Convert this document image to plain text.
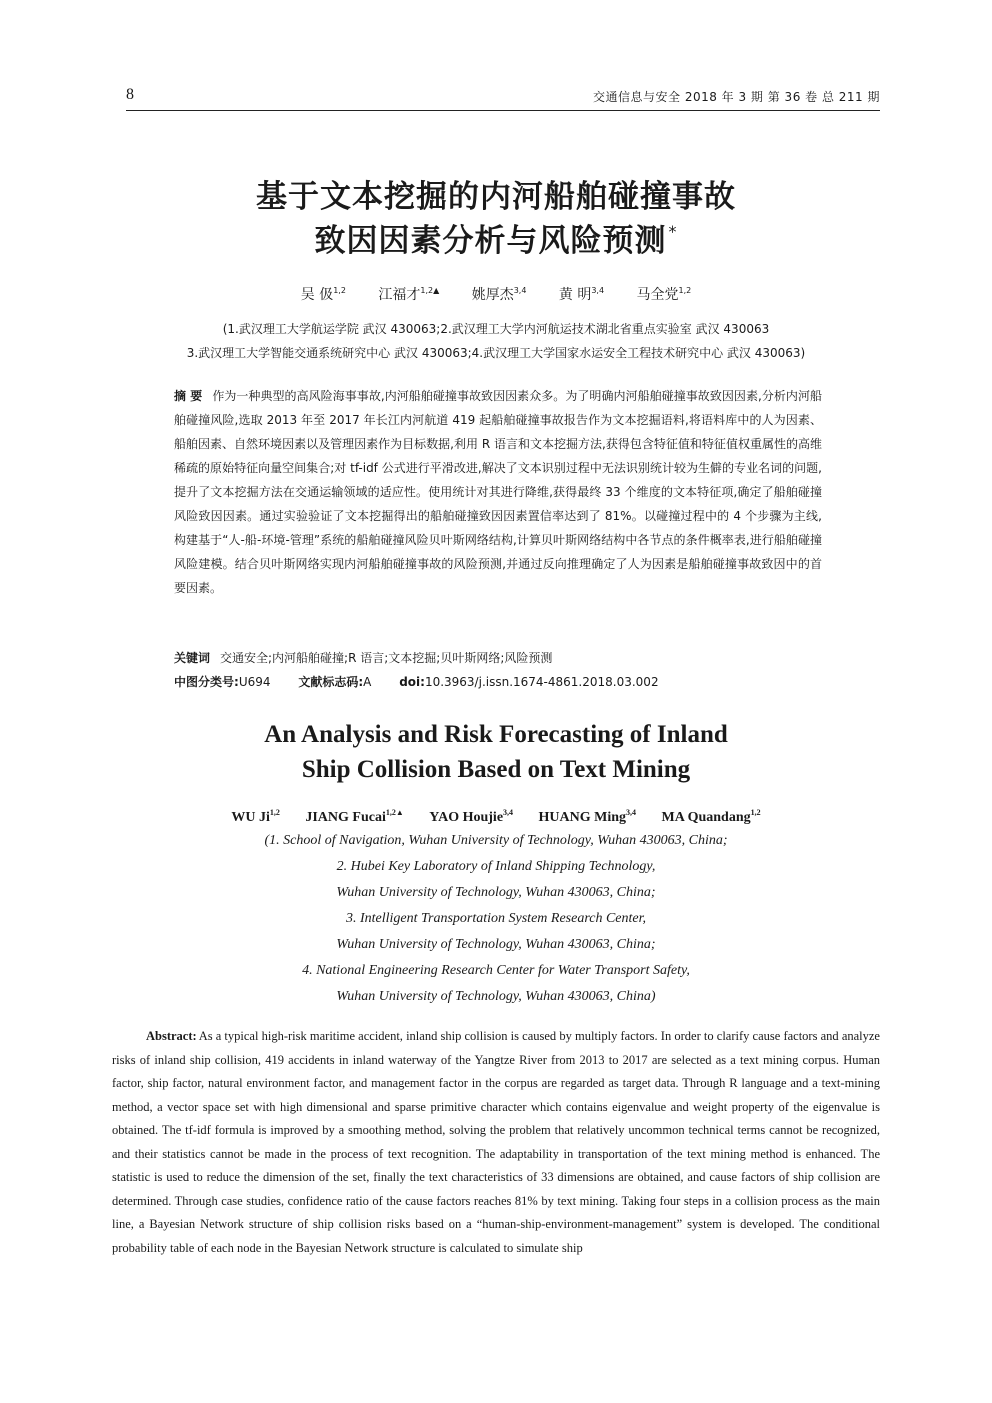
8	交通信息与安全 2018 年 3 期 第 36 卷 总 211 期
基于文本挖掘的内河船舶碰撞事故
致因因素分析与风险预测 *
吴 伋$^{1,2}$ 江福才$^{1,2▲}$ 姚厚杰$^{3,4}$ 黄 明$^{3,4}$ 马全党$^{1,2}$
(1.武汉理工大学航运学院 武汉 430063;2.武汉理工大学内河航运技术湖北省重点实验室 武汉 430063
3.武汉理工大学智能交通系统研究中心 武汉 430063;4.武汉理工大学国家水运安全工程技术研究中心 武汉 430063)
摘 要 作为一种典型的高风险海事事故,内河船舶碰撞事故致因因素众多。为了明确内河船舶碰撞事故致因因素,分析内河船舶碰撞风险,选取 2013 年至 2017 年长江内河航道 419 起船舶碰撞事故报告作为文本挖掘语料,将语料库中的人为因素、船舶因素、自然环境因素以及管理因素作为目标数据,利用 R 语言和文本挖掘方法,获得包含特征值和特征值权重属性的高维稀疏的原始特征向量空间集合;对 tf-idf 公式进行平滑改进,解决了文本识别过程中无法识别统计较为生僻的专业名词的问题,提升了文本挖掘方法在交通运输领域的适应性。使用统计对其进行降维,获得最终 33 个维度的文本特征项,确定了船舶碰撞风险致因因素。通过实验验证了文本挖掘得出的船舶碰撞致因因素置信率达到了 81%。以碰撞过程中的 4 个步骤为主线,构建基于“人-船-环境-管理”系统的船舶碰撞风险贝叶斯网络结构,计算贝叶斯网络结构中各节点的条件概率表,进行船舶碰撞风险建模。结合贝叶斯网络实现内河船舶碰撞事故的风险预测,并通过反向推理确定了人为因素是船舶碰撞事故致因中的首要因素。
关键词 交通安全;内河船舶碰撞;R 语言;文本挖掘;贝叶斯网络;风险预测
中图分类号:U694 文献标志码:A doi:10.3963/j.issn.1674-4861.2018.03.002
An Analysis and Risk Forecasting of Inland
Ship Collision Based on Text Mining
WU Ji$^{1,2}$ JIANG Fucai$^{1,2▲}$ YAO Houjie$^{3,4}$ HUANG Ming$^{3,4}$ MA Quandang$^{1,2}$
(1. School of Navigation, Wuhan University of Technology, Wuhan 430063, China;
2. Hubei Key Laboratory of Inland Shipping Technology,
Wuhan University of Technology, Wuhan 430063, China;
3. Intelligent Transportation System Research Center,
Wuhan University of Technology, Wuhan 430063, China;
4. National Engineering Research Center for Water Transport Safety,
Wuhan University of Technology, Wuhan 430063, China)
Abstract: As a typical high-risk maritime accident, inland ship collision is caused by multiply factors. In order to clarify cause factors and analyze risks of inland ship collision, 419 accidents in inland waterway of the Yangtze River from 2013 to 2017 are selected as a text mining corpus. Human factor, ship factor, natural environment factor, and management factor in the corpus are regarded as target data. Through R language and a text-mining method, a vector space set with high dimensional and sparse primitive character which contains eigenvalue and weight property of the eigenvalue is obtained. The tf-idf formula is improved by a smoothing method, solving the problem that relatively uncommon technical terms cannot be recognized, and their statistics cannot be made in the process of text recognition. The adaptability in transportation of the text mining method is enhanced. The statistic is used to reduce the dimension of the set, finally the text characteristics of 33 dimensions are obtained, and cause factors of ship collision are determined. Through case studies, confidence ratio of the cause factors reaches 81% by text mining. Taking four steps in a collision process as the main line, a Bayesian Network structure of ship collision risks based on a “human-ship-environment-management” system is developed. The conditional probability table of each node in the Bayesian Network structure is calculated to simulate ship
